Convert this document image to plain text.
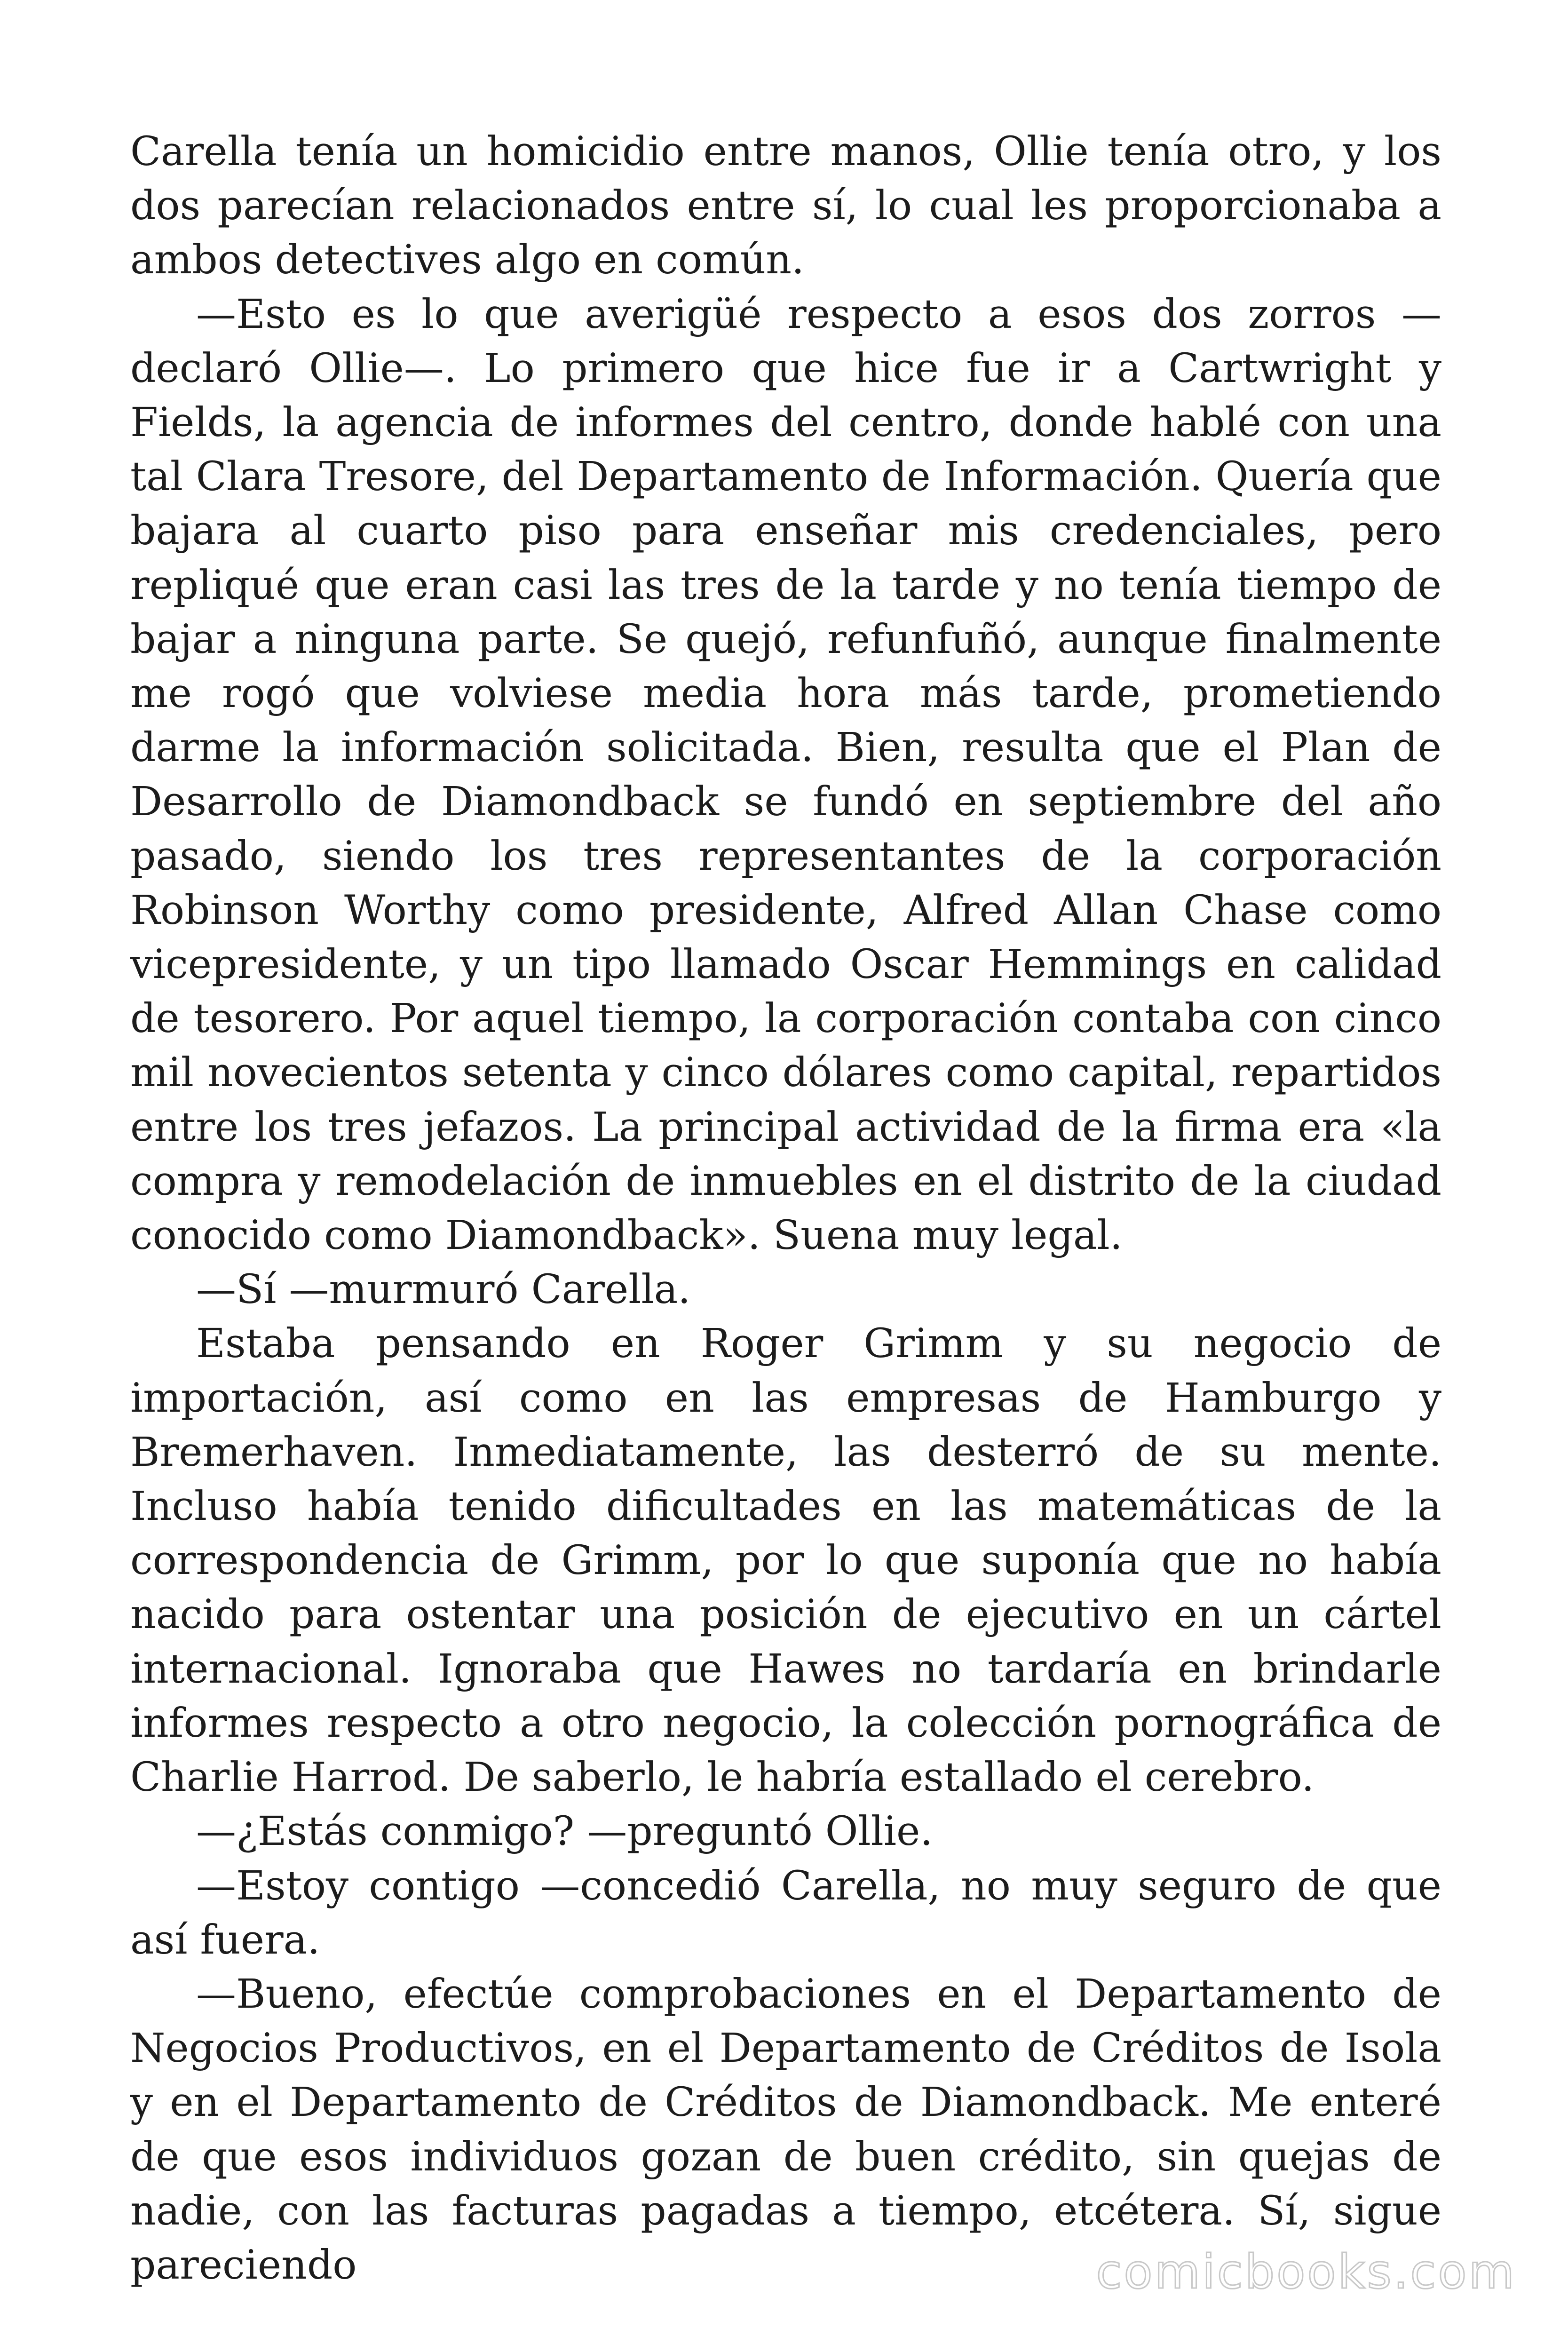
Carella tenía un homicidio entre manos, Ollie tenía otro, y los dos parecían relacionados entre sí, lo cual les proporcionaba a ambos detectives algo en común.

—Esto es lo que averigüé respecto a esos dos zorros —declaró Ollie—. Lo primero que hice fue ir a Cartwright y Fields, la agencia de informes del centro, donde hablé con una tal Clara Tresore, del Departamento de Información. Quería que bajara al cuarto piso para enseñar mis credenciales, pero repliqué que eran casi las tres de la tarde y no tenía tiempo de bajar a ninguna parte. Se quejó, refunfuñó, aunque finalmente me rogó que volviese media hora más tarde, prometiendo darme la información solicitada. Bien, resulta que el Plan de Desarrollo de Diamondback se fundó en septiembre del año pasado, siendo los tres representantes de la corporación Robinson Worthy como presidente, Alfred Allan Chase como vicepresidente, y un tipo llamado Oscar Hemmings en calidad de tesorero. Por aquel tiempo, la corporación contaba con cinco mil novecientos setenta y cinco dólares como capital, repartidos entre los tres jefazos. La principal actividad de la firma era «la compra y remodelación de inmuebles en el distrito de la ciudad conocido como Diamondback». Suena muy legal.

—Sí —murmuró Carella.

Estaba pensando en Roger Grimm y su negocio de importación, así como en las empresas de Hamburgo y Bremerhaven. Inmediatamente, las desterró de su mente. Incluso había tenido dificultades en las matemáticas de la correspondencia de Grimm, por lo que suponía que no había nacido para ostentar una posición de ejecutivo en un cártel internacional. Ignoraba que Hawes no tardaría en brindarle informes respecto a otro negocio, la colección pornográfica de Charlie Harrod. De saberlo, le habría estallado el cerebro.

—¿Estás conmigo? —preguntó Ollie.

—Estoy contigo —concedió Carella, no muy seguro de que así fuera.

—Bueno, efectúe comprobaciones en el Departamento de Negocios Productivos, en el Departamento de Créditos de Isola y en el Departamento de Créditos de Diamondback. Me enteré de que esos individuos gozan de buen crédito, sin quejas de nadie, con las facturas pagadas a tiempo, etcétera. Sí, sigue pareciendo	comicbooks.com
